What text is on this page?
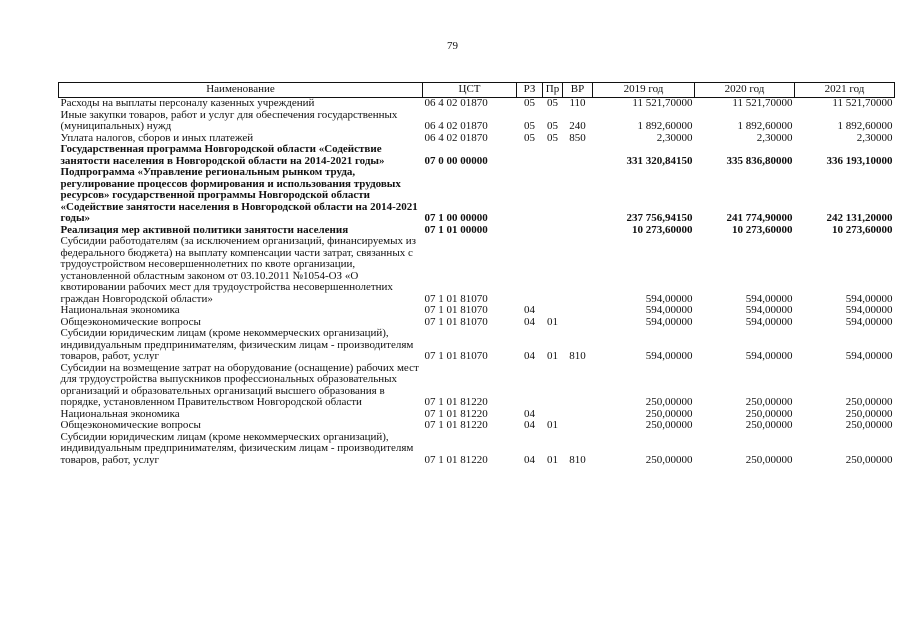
79
Наименование	ЦСТ	РЗ	Пр	ВР	2019 год	2020 год	2021 год
Расходы на выплаты персоналу казенных учреждений	06 4 02 01870	05	05	110	11 521,70000	11 521,70000	11 521,70000
Иные закупки товаров, работ и услуг для обеспечения государственных (муниципальных) нужд	06 4 02 01870	05	05	240	1 892,60000	1 892,60000	1 892,60000
Уплата налогов, сборов и иных платежей	06 4 02 01870	05	05	850	2,30000	2,30000	2,30000
Государственная программа Новгородской области «Содействие занятости населения в Новгородской области на 2014-2021 годы»	07 0 00 00000				331 320,84150	335 836,80000	336 193,10000
Подпрограмма «Управление региональным рынком труда, регулирование процессов формирования и использования трудовых ресурсов» государственной программы Новгородской области «Содействие занятости населения в Новгородской области на 2014-2021 годы»	07 1 00 00000				237 756,94150	241 774,90000	242 131,20000
Реализация мер активной политики занятости населения	07 1 01 00000				10 273,60000	10 273,60000	10 273,60000
Субсидии работодателям (за исключением организаций, финансируемых из федерального бюджета) на выплату компенсации части затрат, связанных с трудоустройством несовершеннолетних по квоте организации, установленной областным законом от 03.10.2011 №1054-ОЗ «О квотировании рабочих мест для трудоустройства несовершеннолетних граждан Новгородской области»	07 1 01 81070				594,00000	594,00000	594,00000
Национальная экономика	07 1 01 81070	04			594,00000	594,00000	594,00000
Общеэкономические вопросы	07 1 01 81070	04	01		594,00000	594,00000	594,00000
Субсидии юридическим лицам (кроме некоммерческих организаций), индивидуальным предпринимателям, физическим лицам - производителям товаров, работ, услуг	07 1 01 81070	04	01	810	594,00000	594,00000	594,00000
Субсидии на возмещение затрат на оборудование (оснащение) рабочих мест для трудоустройства выпускников профессиональных образовательных организаций и образовательных организаций высшего образования в порядке, установленном Правительством Новгородской области	07 1 01 81220				250,00000	250,00000	250,00000
Национальная экономика	07 1 01 81220	04			250,00000	250,00000	250,00000
Общеэкономические вопросы	07 1 01 81220	04	01		250,00000	250,00000	250,00000
Субсидии юридическим лицам (кроме некоммерческих организаций), индивидуальным предпринимателям, физическим лицам - производителям товаров, работ, услуг	07 1 01 81220	04	01	810	250,00000	250,00000	250,00000
